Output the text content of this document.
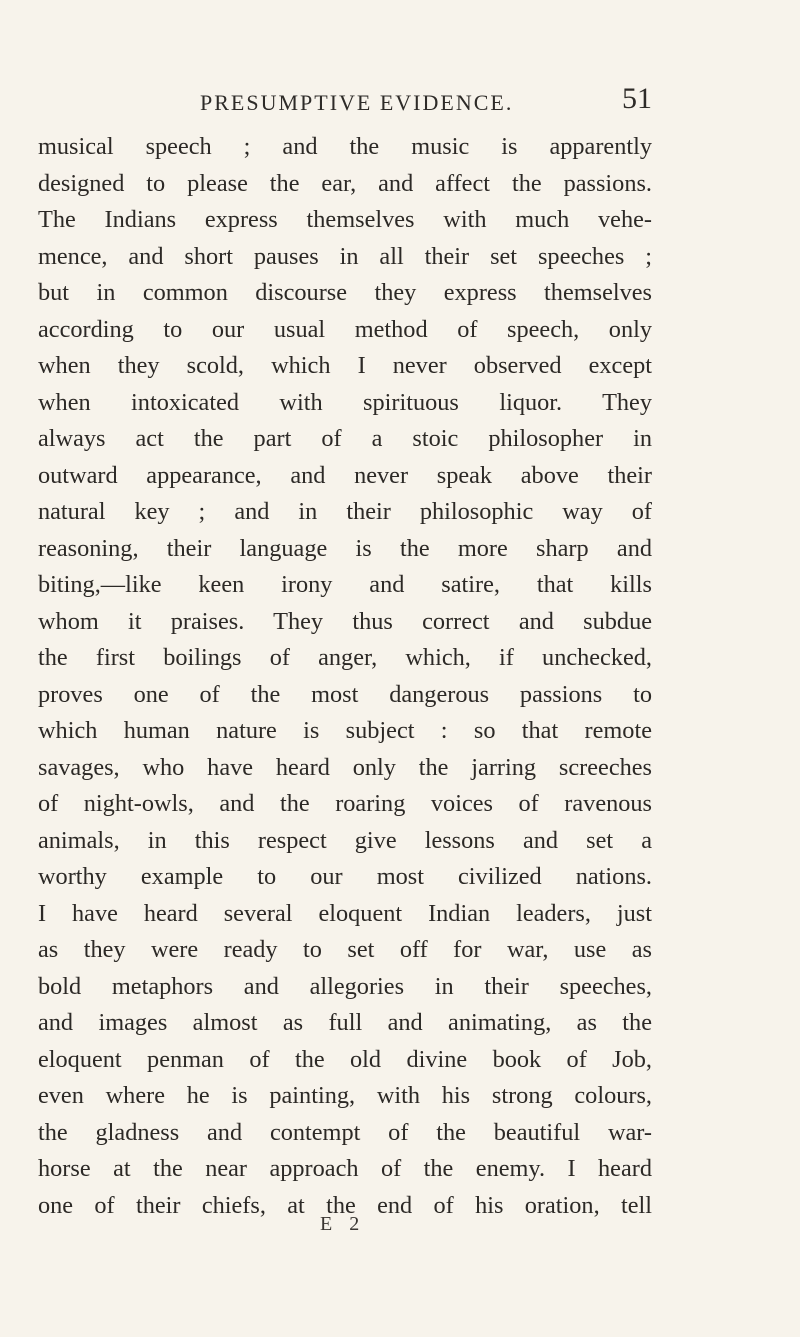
PRESUMPTIVE EVIDENCE.	51
musical speech ; and the music is apparently
designed to please the ear, and affect the passions.
The Indians express themselves with much vehe-
mence, and short pauses in all their set speeches ;
but in common discourse they express themselves
according to our usual method of speech, only
when they scold, which I never observed except
when intoxicated with spirituous liquor. They
always act the part of a stoic philosopher in
outward appearance, and never speak above their
natural key ; and in their philosophic way of
reasoning, their language is the more sharp and
biting,—like keen irony and satire, that kills
whom it praises. They thus correct and subdue
the first boilings of anger, which, if unchecked,
proves one of the most dangerous passions to
which human nature is subject : so that remote
savages, who have heard only the jarring screeches
of night-owls, and the roaring voices of ravenous
animals, in this respect give lessons and set a
worthy example to our most civilized nations.
I have heard several eloquent Indian leaders, just
as they were ready to set off for war, use as
bold metaphors and allegories in their speeches,
and images almost as full and animating, as the
eloquent penman of the old divine book of Job,
even where he is painting, with his strong colours,
the gladness and contempt of the beautiful war-
horse at the near approach of the enemy. I heard
one of their chiefs, at the end of his oration, tell
E 2
